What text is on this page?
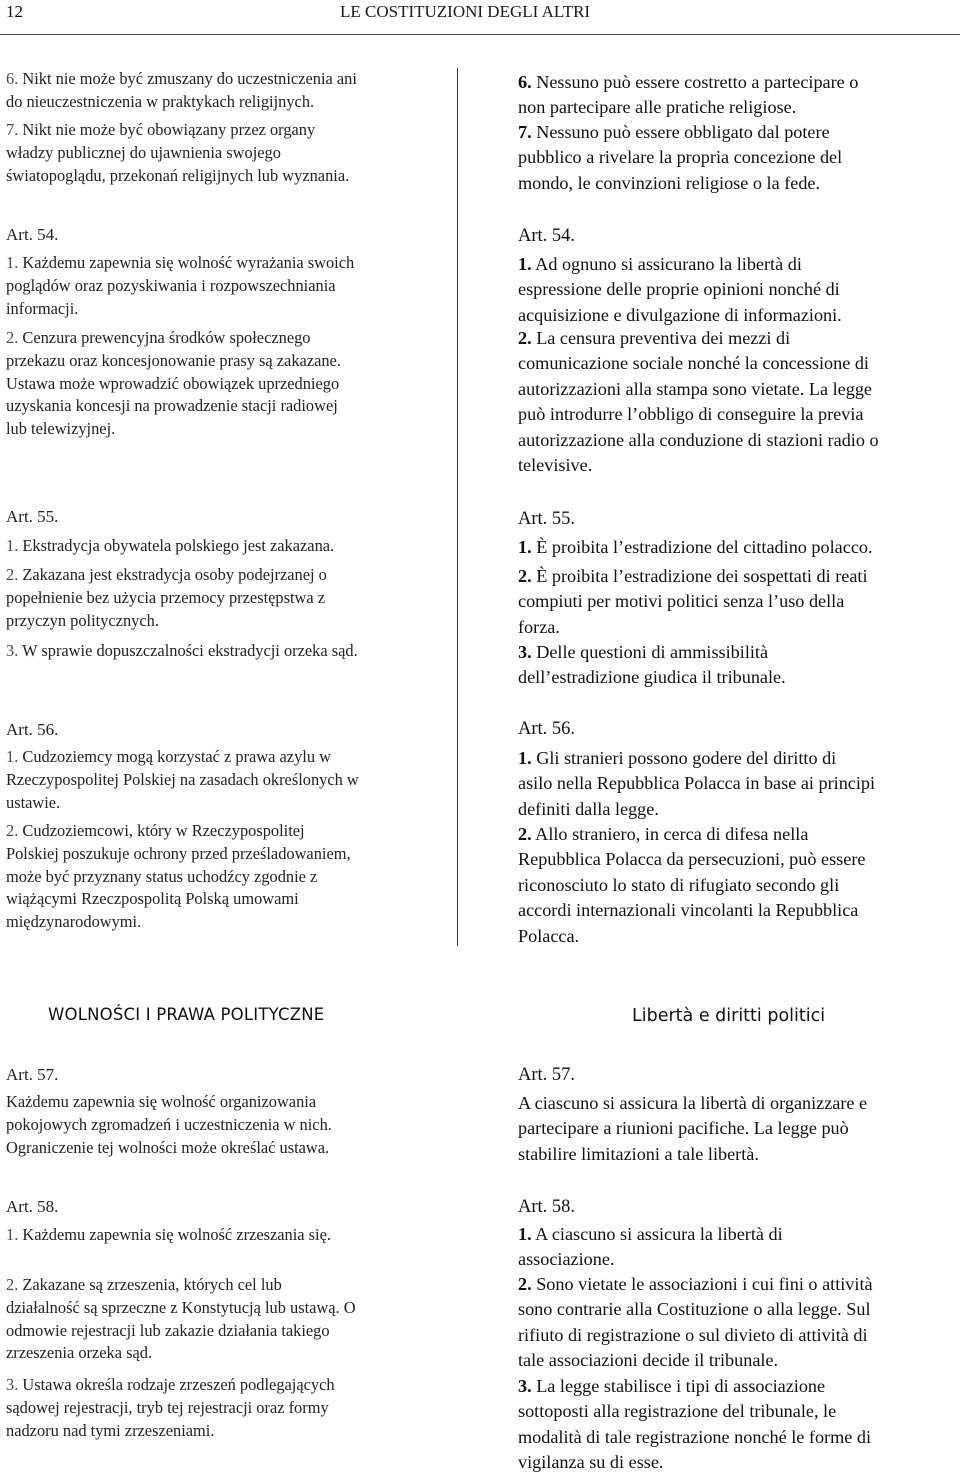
12	LE COSTITUZIONI DEGLI ALTRI
6. Nikt nie może być zmuszany do uczestniczenia ani
do nieuczestniczenia w praktykach religijnych.
7. Nikt nie może być obowiązany przez organy
władzy publicznej do ujawnienia swojego
światopoglądu, przekonań religijnych lub wyznania.
Art. 54.
1. Każdemu zapewnia się wolność wyrażania swoich
poglądów oraz pozyskiwania i rozpowszechniania
informacji.
2. Cenzura prewencyjna środków społecznego
przekazu oraz koncesjonowanie prasy są zakazane.
Ustawa może wprowadzić obowiązek uprzedniego
uzyskania koncesji na prowadzenie stacji radiowej
lub telewizyjnej.
Art. 55.
1. Ekstradycja obywatela polskiego jest zakazana.
2. Zakazana jest ekstradycja osoby podejrzanej o
popełnienie bez użycia przemocy przestępstwa z
przyczyn politycznych.
3. W sprawie dopuszczalności ekstradycji orzeka sąd.
Art. 56.
1. Cudzoziemcy mogą korzystać z prawa azylu w
Rzeczypospolitej Polskiej na zasadach określonych w
ustawie.
2. Cudzoziemcowi, który w Rzeczypospolitej
Polskiej poszukuje ochrony przed prześladowaniem,
może być przyznany status uchodźcy zgodnie z
wiążącymi Rzeczpospolitą Polską umowami
międzynarodowymi.
WOLNOŚCI I PRAWA POLITYCZNE
Art. 57.
Każdemu zapewnia się wolność organizowania
pokojowych zgromadzeń i uczestniczenia w nich.
Ograniczenie tej wolności może określać ustawa.
Art. 58.
1. Każdemu zapewnia się wolność zrzeszania się.
2. Zakazane są zrzeszenia, których cel lub
działalność są sprzeczne z Konstytucją lub ustawą. O
odmowie rejestracji lub zakazie działania takiego
zrzeszenia orzeka sąd.
3. Ustawa określa rodzaje zrzeszeń podlegających
sądowej rejestracji, tryb tej rejestracji oraz formy
nadzoru nad tymi zrzeszeniami.
6. Nessuno può essere costretto a partecipare o
non partecipare alle pratiche religiose.
7. Nessuno può essere obbligato dal potere
pubblico a rivelare la propria concezione del
mondo, le convinzioni religiose o la fede.
Art. 54.
1. Ad ognuno si assicurano la libertà di
espressione delle proprie opinioni nonché di
acquisizione e divulgazione di informazioni.
2. La censura preventiva dei mezzi di
comunicazione sociale nonché la concessione di
autorizzazioni alla stampa sono vietate. La legge
può introdurre l’obbligo di conseguire la previa
autorizzazione alla conduzione di stazioni radio o
televisive.
Art. 55.
1. È proibita l’estradizione del cittadino polacco.
2. È proibita l’estradizione dei sospettati di reati
compiuti per motivi politici senza l’uso della
forza.
3. Delle questioni di ammissibilità
dell’estradizione giudica il tribunale.
Art. 56.
1. Gli stranieri possono godere del diritto di
asilo nella Repubblica Polacca in base ai principi
definiti dalla legge.
2. Allo straniero, in cerca di difesa nella
Repubblica Polacca da persecuzioni, può essere
riconosciuto lo stato di rifugiato secondo gli
accordi internazionali vincolanti la Repubblica
Polacca.
Libertà e diritti politici
Art. 57.
A ciascuno si assicura la libertà di organizzare e
partecipare a riunioni pacifiche. La legge può
stabilire limitazioni a tale libertà.
Art. 58.
1. A ciascuno si assicura la libertà di
associazione.
2. Sono vietate le associazioni i cui fini o attività
sono contrarie alla Costituzione o alla legge. Sul
rifiuto di registrazione o sul divieto di attività di
tale associazioni decide il tribunale.
3. La legge stabilisce i tipi di associazione
sottoposti alla registrazione del tribunale, le
modalità di tale registrazione nonché le forme di
vigilanza su di esse.
